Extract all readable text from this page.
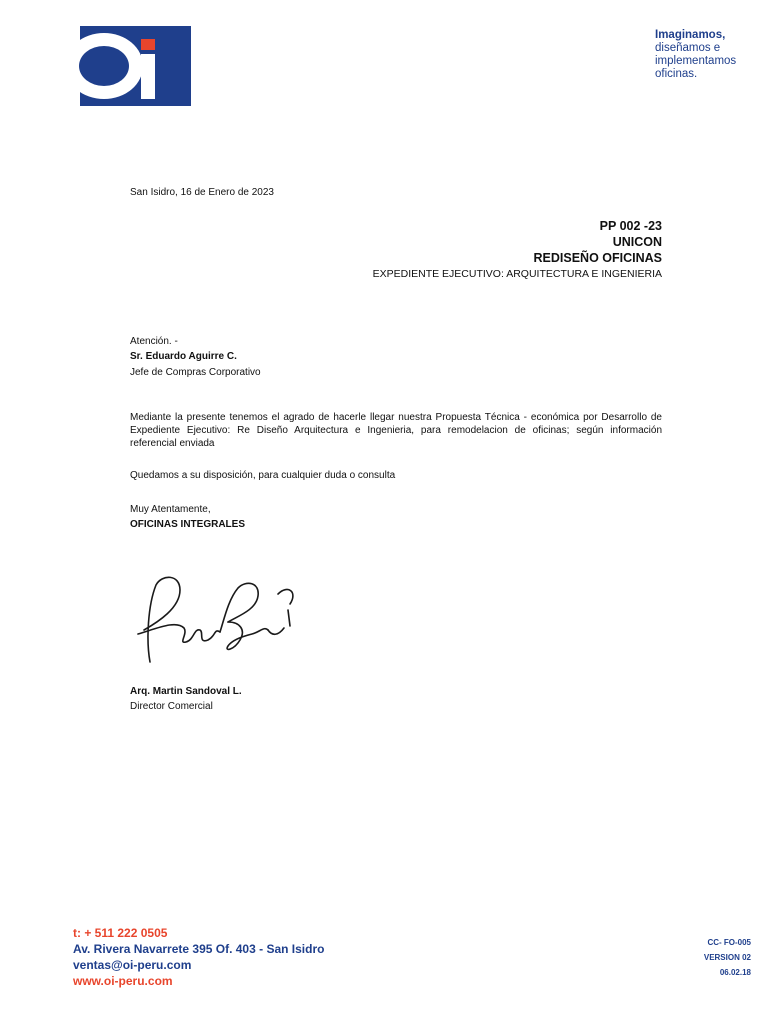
Imaginamos,
diseñamos e
implementamos
oficinas.
San Isidro, 16 de Enero de 2023
PP 002 -23
UNICON
REDISEÑO OFICINAS
EXPEDIENTE EJECUTIVO: ARQUITECTURA E INGENIERIA
Atención. -
Sr. Eduardo Aguirre C.
Jefe de Compras Corporativo
Mediante la presente tenemos el agrado de hacerle llegar nuestra Propuesta Técnica - económica por Desarrollo de Expediente Ejecutivo: Re Diseño Arquitectura e Ingenieria, para remodelacion de oficinas; según información referencial enviada
Quedamos a su disposición, para cualquier duda o consulta
Muy Atentamente,
OFICINAS INTEGRALES
Arq. Martin Sandoval L.
Director Comercial
t: + 511 222 0505
Av. Rivera Navarrete 395 Of. 403 - San Isidro
ventas@oi-peru.com
www.oi-peru.com
CC- FO-005
VERSION 02
06.02.18
